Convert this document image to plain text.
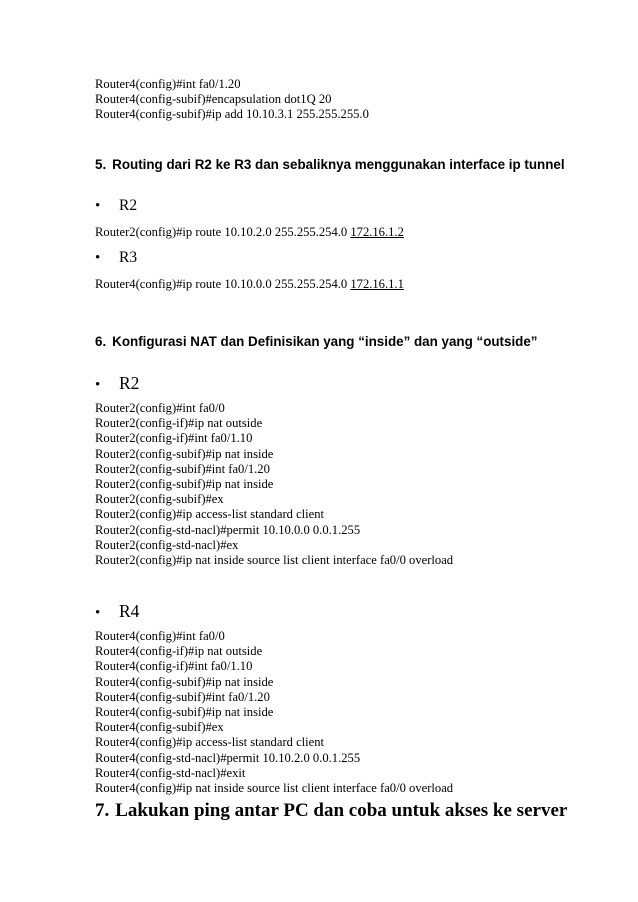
Router4(config)#int fa0/1.20
Router4(config-subif)#encapsulation dot1Q 20
Router4(config-subif)#ip add 10.10.3.1 255.255.255.0
5. Routing dari R2 ke R3 dan sebaliknya menggunakan interface ip tunnel
• R2
Router2(config)#ip route 10.10.2.0 255.255.254.0 172.16.1.2
• R3
Router4(config)#ip route 10.10.0.0 255.255.254.0 172.16.1.1
6. Konfigurasi NAT dan Definisikan yang “inside” dan yang “outside”
• R2
Router2(config)#int fa0/0
Router2(config-if)#ip nat outside
Router2(config-if)#int fa0/1.10
Router2(config-subif)#ip nat inside
Router2(config-subif)#int fa0/1.20
Router2(config-subif)#ip nat inside
Router2(config-subif)#ex
Router2(config)#ip access-list standard client
Router2(config-std-nacl)#permit 10.10.0.0 0.0.1.255
Router2(config-std-nacl)#ex
Router2(config)#ip nat inside source list client interface fa0/0 overload
• R4
Router4(config)#int fa0/0
Router4(config-if)#ip nat outside
Router4(config-if)#int fa0/1.10
Router4(config-subif)#ip nat inside
Router4(config-subif)#int fa0/1.20
Router4(config-subif)#ip nat inside
Router4(config-subif)#ex
Router4(config)#ip access-list standard client
Router4(config-std-nacl)#permit 10.10.2.0 0.0.1.255
Router4(config-std-nacl)#exit
Router4(config)#ip nat inside source list client interface fa0/0 overload
7. Lakukan ping antar PC dan coba untuk akses ke server
